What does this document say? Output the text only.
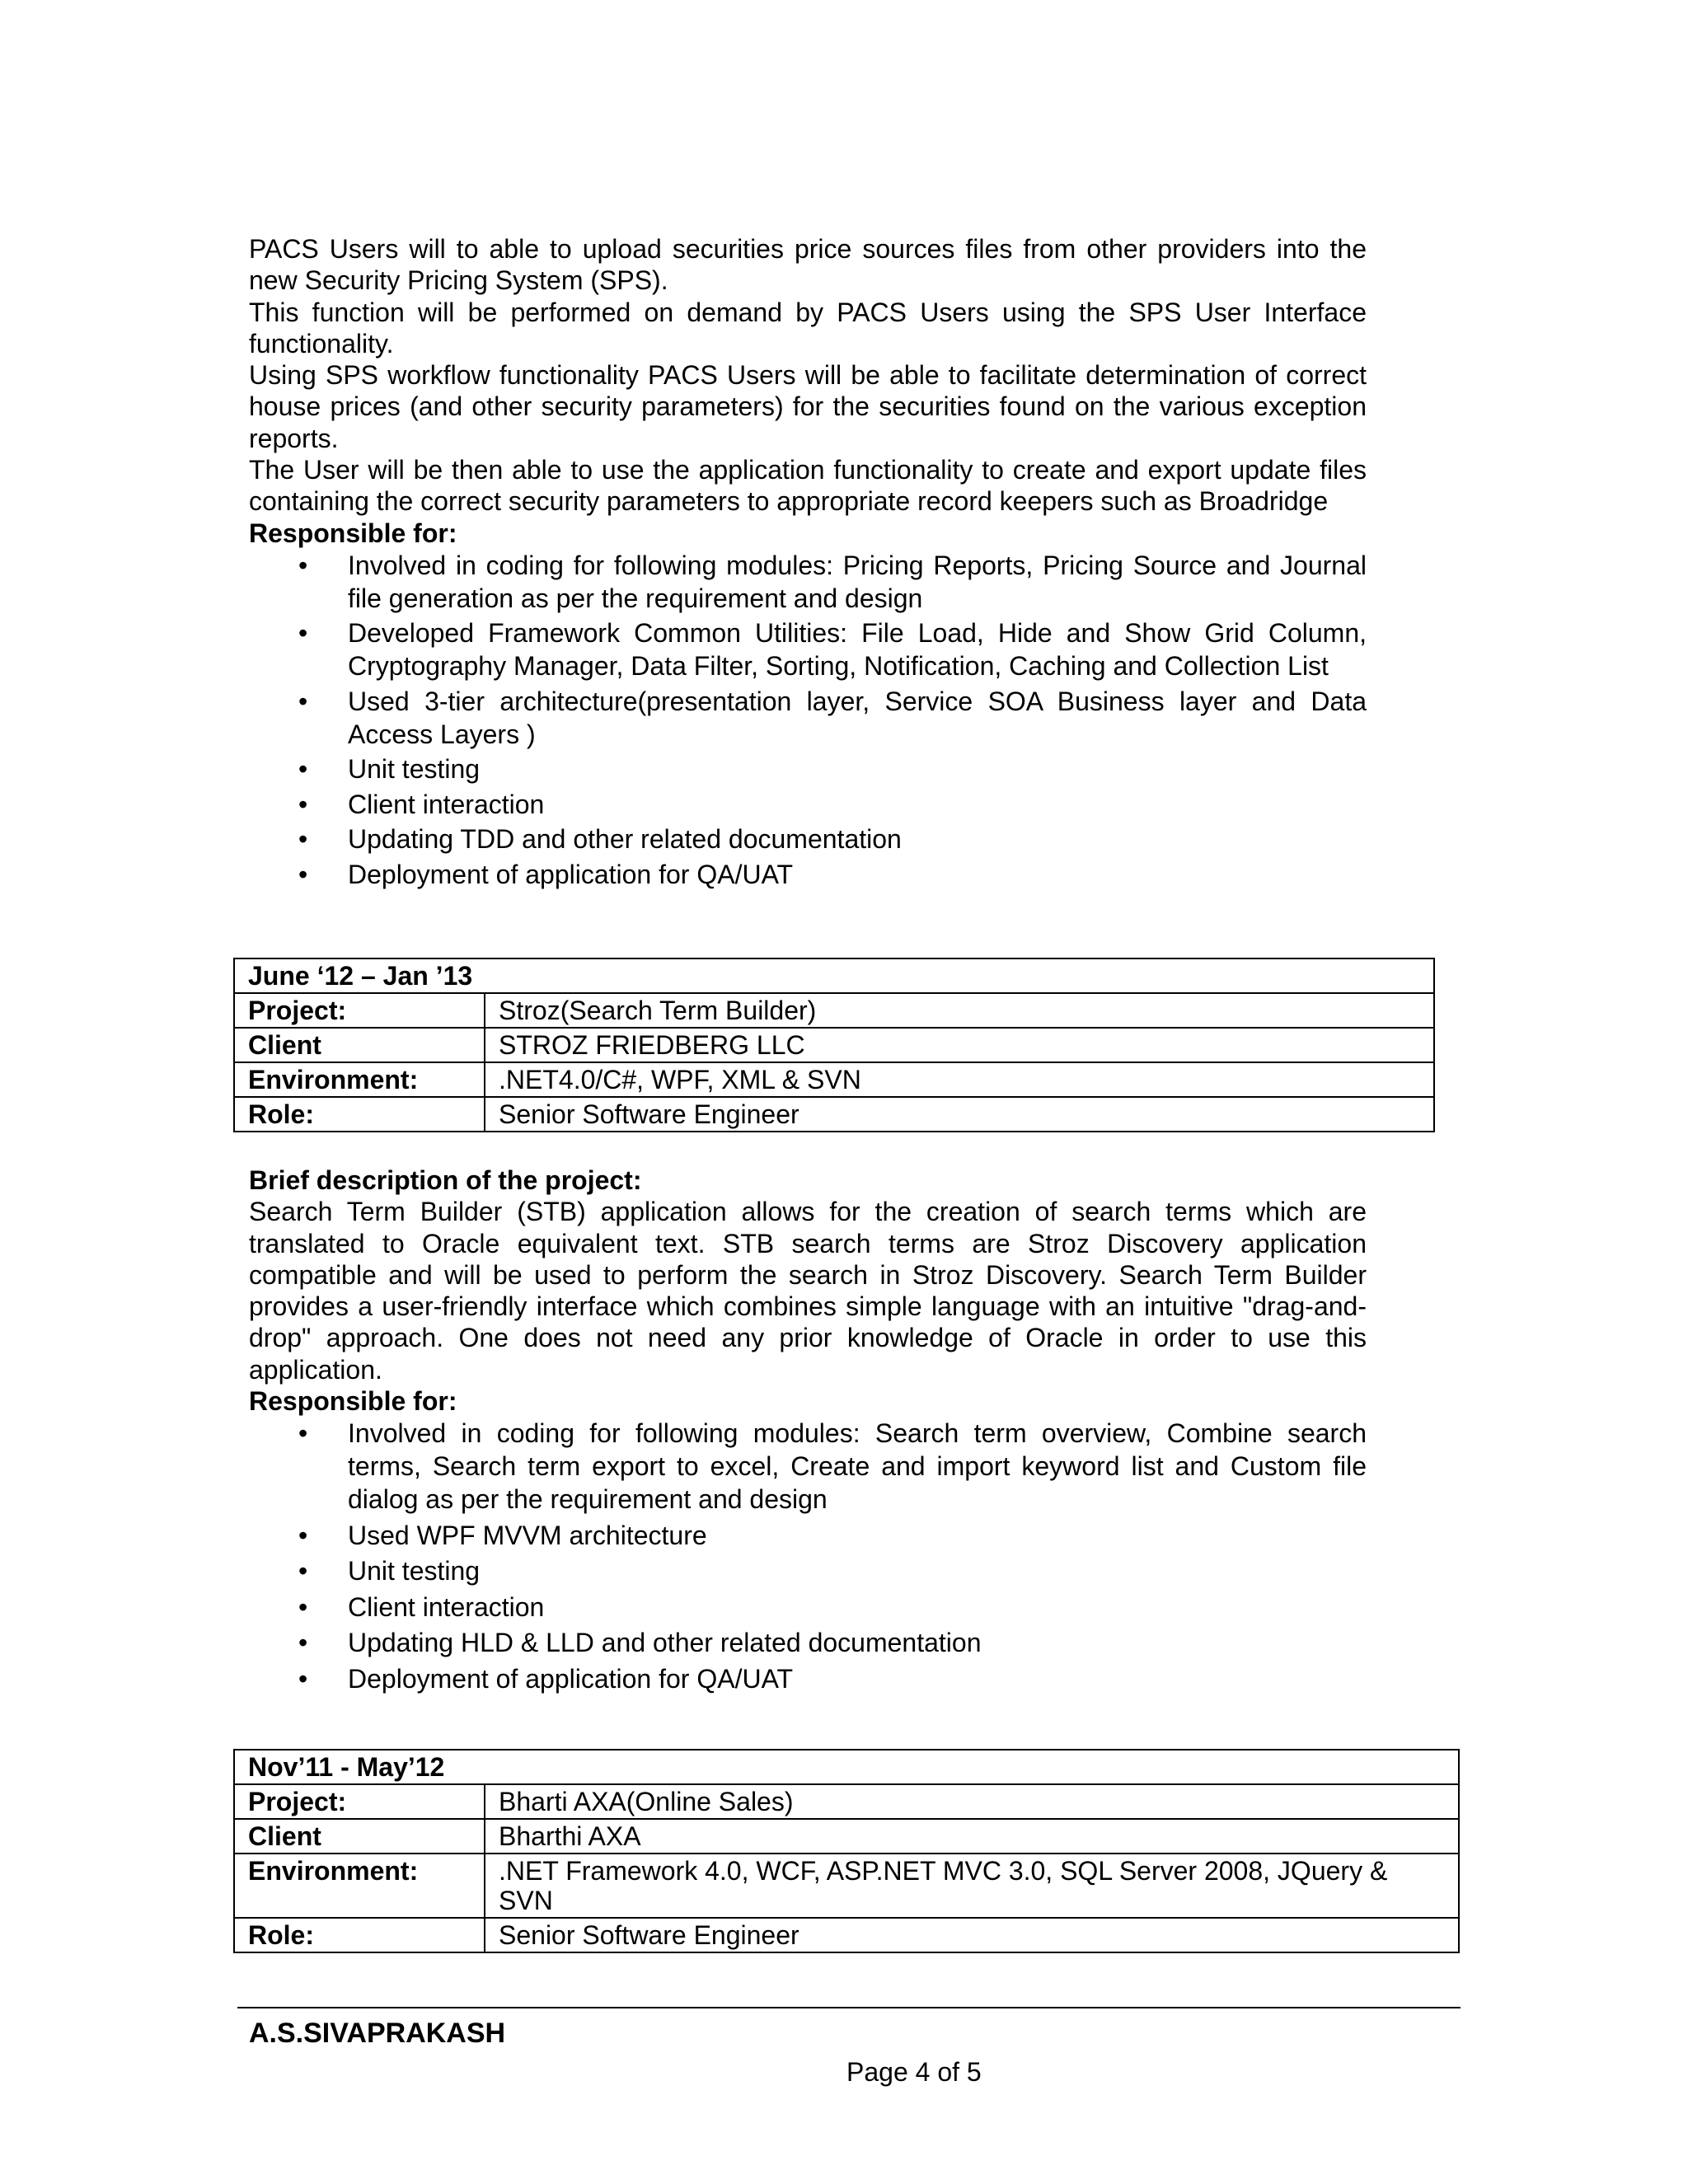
PACS Users will to able to upload securities price sources files from other providers into the new Security Pricing System (SPS).

This function will be performed on demand by PACS Users using the SPS User Interface functionality.

Using SPS workflow functionality PACS Users will be able to facilitate determination of correct house prices (and other security parameters) for the securities found on the various exception reports.

The User will be then able to use the application functionality to create and export update files containing the correct security parameters to appropriate record keepers such as Broadridge

Responsible for:

• Involved in coding for following modules: Pricing Reports, Pricing Source and Journal file generation as per the requirement and design
• Developed Framework Common Utilities: File Load, Hide and Show Grid Column, Cryptography Manager, Data Filter, Sorting, Notification, Caching and Collection List
• Used 3-tier architecture(presentation layer, Service SOA Business layer and Data Access Layers )
• Unit testing
• Client interaction
• Updating TDD and other related documentation
• Deployment of application for QA/UAT
June ‘12 – Jan ’13	
Project:	Stroz(Search Term Builder)
Client	STROZ FRIEDBERG LLC
Environment:	.NET4.0/C#, WPF, XML & SVN
Role:	Senior Software Engineer

Brief description of the project:

Search Term Builder (STB) application allows for the creation of search terms which are translated to Oracle equivalent text. STB search terms are Stroz Discovery application compatible and will be used to perform the search in Stroz Discovery. Search Term Builder provides a user-friendly interface which combines simple language with an intuitive "drag-and-drop" approach. One does not need any prior knowledge of Oracle in order to use this application.

Responsible for:

• Involved in coding for following modules: Search term overview, Combine search terms, Search term export to excel, Create and import keyword list and Custom file dialog as per the requirement and design
• Used WPF MVVM architecture
• Unit testing
• Client interaction
• Updating HLD & LLD and other related documentation
• Deployment of application for QA/UAT
Nov’11 - May’12	
Project:	Bharti AXA(Online Sales)
Client	Bharthi AXA
Environment:	.NET Framework 4.0, WCF, ASP.NET MVC 3.0, SQL Server 2008, JQuery & SVN
Role:	Senior Software Engineer
A.S.SIVAPRAKASH
Page 4 of 5
